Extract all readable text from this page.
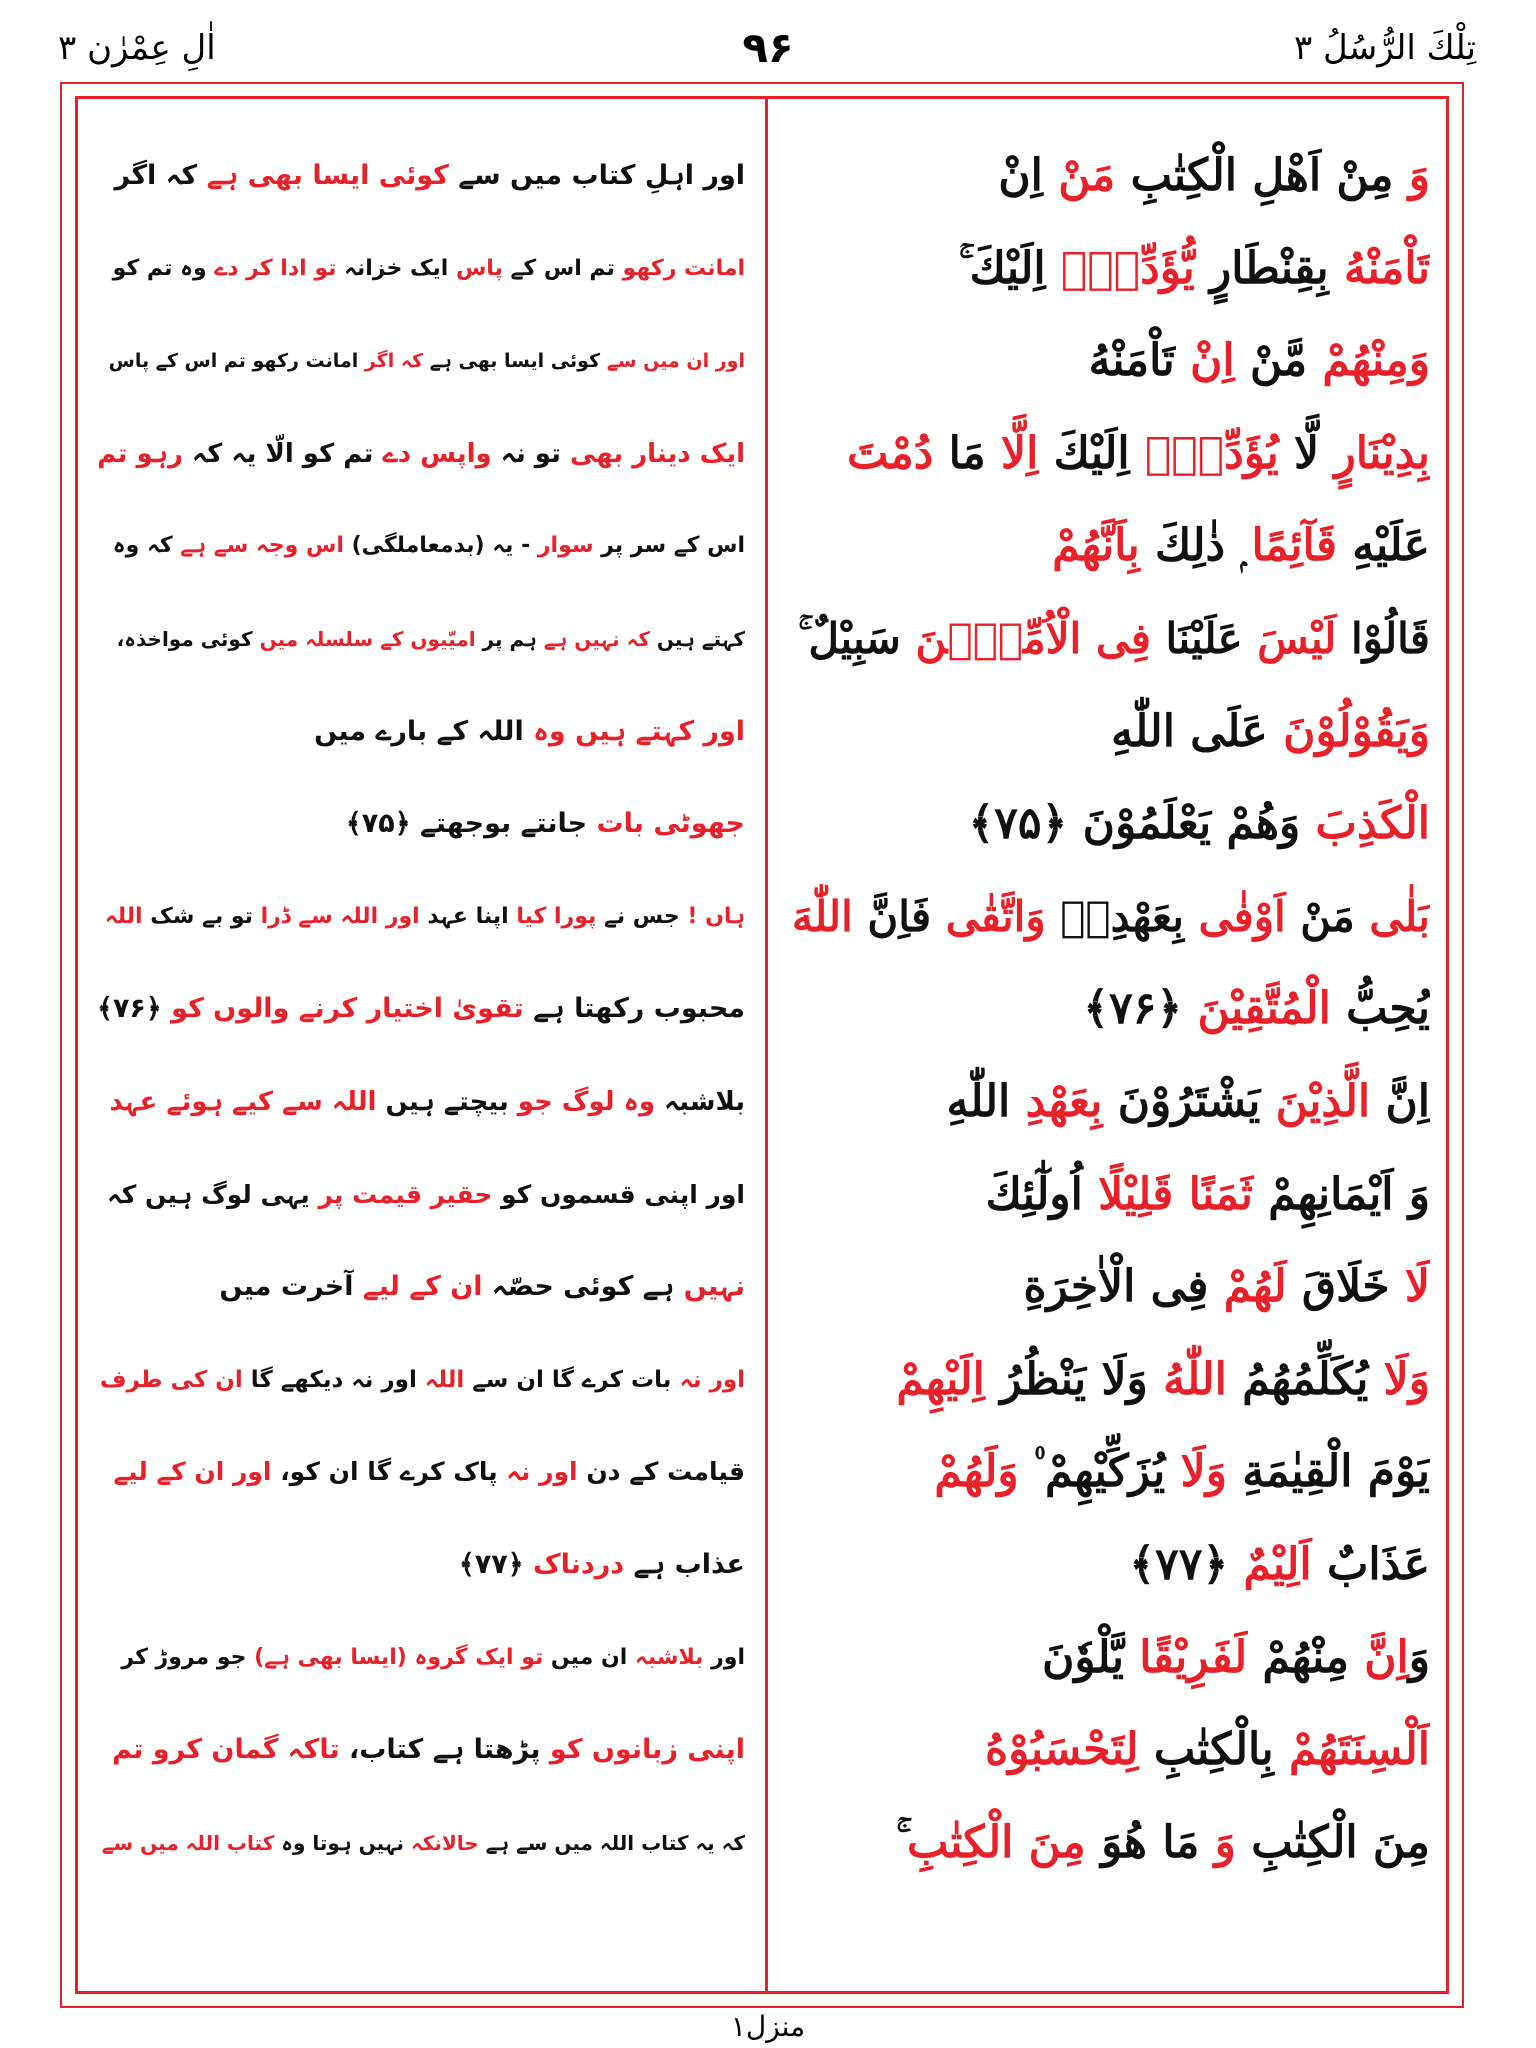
تِلْكَ الرُّسُلُ ۳
۹۶
اٰلِ عِمْرٰن ۳
وَ مِنْ اَهْلِ الْكِتٰبِ مَنْ اِنْ
تَاْمَنْهُ بِقِنْطَارٍ يُّؤَدِّهٖٓ اِلَيْكَ ۚ
وَمِنْهُمْ مَّنْ اِنْ تَاْمَنْهُ
بِدِيْنَارٍ لَّا يُؤَدِّهٖٓ اِلَيْكَ اِلَّا مَا دُمْتَ
عَلَيْهِ قَآئِمًا ۭ ذٰلِكَ بِاَنَّهُمْ
قَالُوْا لَيْسَ عَلَيْنَا فِى الْاُمِّيّٖنَ سَبِيْلٌ ۚ
وَيَقُوْلُوْنَ عَلَى اللّٰهِ
الْكَذِبَ وَهُمْ يَعْلَمُوْنَ ﴿۷۵﴾
بَلٰى مَنْ اَوْفٰى بِعَهْدِهٖ وَاتَّقٰى فَاِنَّ اللّٰهَ
يُحِبُّ الْمُتَّقِيْنَ ﴿۷۶﴾
اِنَّ الَّذِيْنَ يَشْتَرُوْنَ بِعَهْدِ اللّٰهِ
وَ اَيْمَانِهِمْ ثَمَنًا قَلِيْلًا اُولٰٓئِكَ
لَا خَلَاقَ لَهُمْ فِى الْاٰخِرَةِ
وَلَا يُكَلِّمُهُمُ اللّٰهُ وَلَا يَنْظُرُ اِلَيْهِمْ
يَوْمَ الْقِيٰمَةِ وَلَا يُزَكِّيْهِمْ ۠ وَلَهُمْ
عَذَابٌ اَلِيْمٌ ﴿۷۷﴾
وَاِنَّ مِنْهُمْ لَفَرِيْقًا يَّلْوٗنَ
اَلْسِنَتَهُمْ بِالْكِتٰبِ لِتَحْسَبُوْهُ
مِنَ الْكِتٰبِ وَ مَا هُوَ مِنَ الْكِتٰبِ ۚ
اور اہلِ کتاب میں سے کوئی ایسا بھی ہے کہ اگر
امانت رکھو تم اس کے پاس ایک خزانہ تو ادا کر دے وہ تم کو
اور ان میں سے کوئی ایسا بھی ہے کہ اگر امانت رکھو تم اس کے پاس
ایک دینار بھی تو نہ واپس دے تم کو الّا یہ کہ رہو تم
اس کے سر پر سوار - یہ (بدمعاملگی) اس وجہ سے ہے کہ وہ
کہتے ہیں کہ نہیں ہے ہم پر امیّیوں کے سلسلہ میں کوئی مواخذہ،
اور کہتے ہیں وہ اللہ کے بارے میں
جھوٹی بات جانتے بوجھتے ﴿۷۵﴾
ہاں ! جس نے پورا کیا اپنا عہد اور اللہ سے ڈرا تو بے شک اللہ
محبوب رکھتا ہے تقویٰ اختیار کرنے والوں کو ﴿۷۶﴾
بلاشبہ وہ لوگ جو بیچتے ہیں اللہ سے کیے ہوئے عہد
اور اپنی قسموں کو حقیر قیمت پر یہی لوگ ہیں کہ
نہیں ہے کوئی حصّہ ان کے لیے آخرت میں
اور نہ بات کرے گا ان سے اللہ اور نہ دیکھے گا ان کی طرف
قیامت کے دن اور نہ پاک کرے گا ان کو، اور ان کے لیے
عذاب ہے دردناک ﴿۷۷﴾
اور بلاشبہ ان میں تو ایک گروہ (ایسا بھی ہے) جو مروڑ کر
اپنی زبانوں کو پڑھتا ہے کتاب، تاکہ گمان کرو تم
کہ یہ کتاب اللہ میں سے ہے حالانکہ نہیں ہوتا وہ کتاب اللہ میں سے
منزل۱
